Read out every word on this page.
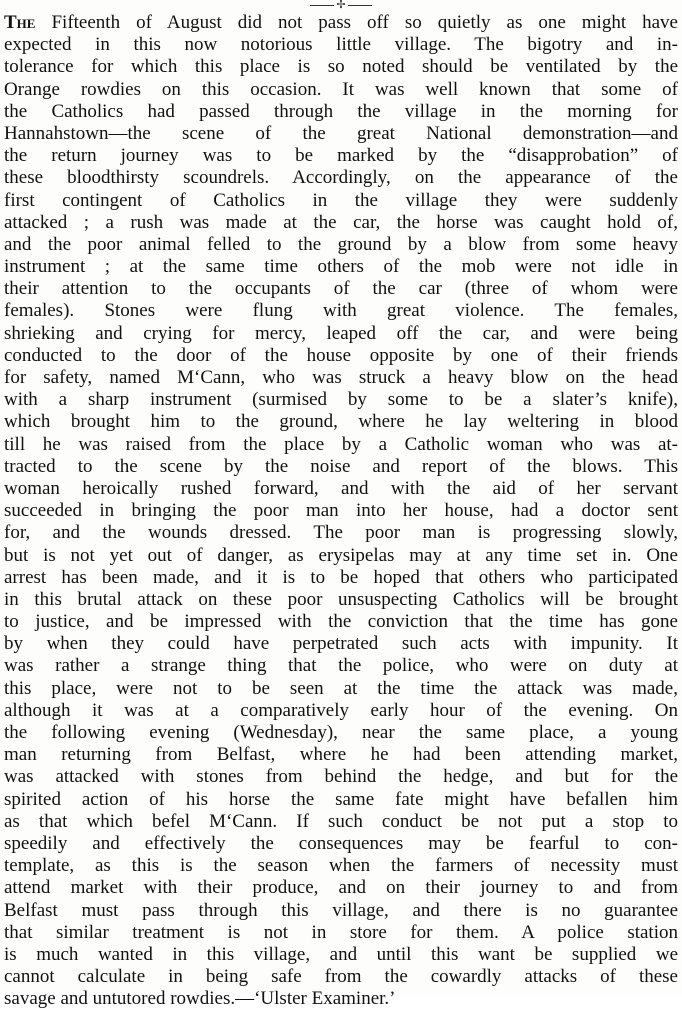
✢
The Fifteenth of August did not pass off so quietly as one might have
expected in this now notorious little village. The bigotry and in-
tolerance for which this place is so noted should be ventilated by the
Orange rowdies on this occasion. It was well known that some of
the Catholics had passed through the village in the morning for
Hannahstown—the scene of the great National demonstration—and
the return journey was to be marked by the “disapprobation” of
these bloodthirsty scoundrels. Accordingly, on the appearance of the
first contingent of Catholics in the village they were suddenly
attacked ; a rush was made at the car, the horse was caught hold of,
and the poor animal felled to the ground by a blow from some heavy
instrument ; at the same time others of the mob were not idle in
their attention to the occupants of the car (three of whom were
females). Stones were flung with great violence. The females,
shrieking and crying for mercy, leaped off the car, and were being
conducted to the door of the house opposite by one of their friends
for safety, named M‘Cann, who was struck a heavy blow on the head
with a sharp instrument (surmised by some to be a slater’s knife),
which brought him to the ground, where he lay weltering in blood
till he was raised from the place by a Catholic woman who was at-
tracted to the scene by the noise and report of the blows. This
woman heroically rushed forward, and with the aid of her servant
succeeded in bringing the poor man into her house, had a doctor sent
for, and the wounds dressed. The poor man is progressing slowly,
but is not yet out of danger, as erysipelas may at any time set in. One
arrest has been made, and it is to be hoped that others who participated
in this brutal attack on these poor unsuspecting Catholics will be brought
to justice, and be impressed with the conviction that the time has gone
by when they could have perpetrated such acts with impunity. It
was rather a strange thing that the police, who were on duty at
this place, were not to be seen at the time the attack was made,
although it was at a comparatively early hour of the evening. On
the following evening (Wednesday), near the same place, a young
man returning from Belfast, where he had been attending market,
was attacked with stones from behind the hedge, and but for the
spirited action of his horse the same fate might have befallen him
as that which befel M‘Cann. If such conduct be not put a stop to
speedily and effectively the consequences may be fearful to con-
template, as this is the season when the farmers of necessity must
attend market with their produce, and on their journey to and from
Belfast must pass through this village, and there is no guarantee
that similar treatment is not in store for them. A police station
is much wanted in this village, and until this want be supplied we
cannot calculate in being safe from the cowardly attacks of these
savage and untutored rowdies.—‘Ulster Examiner.’
